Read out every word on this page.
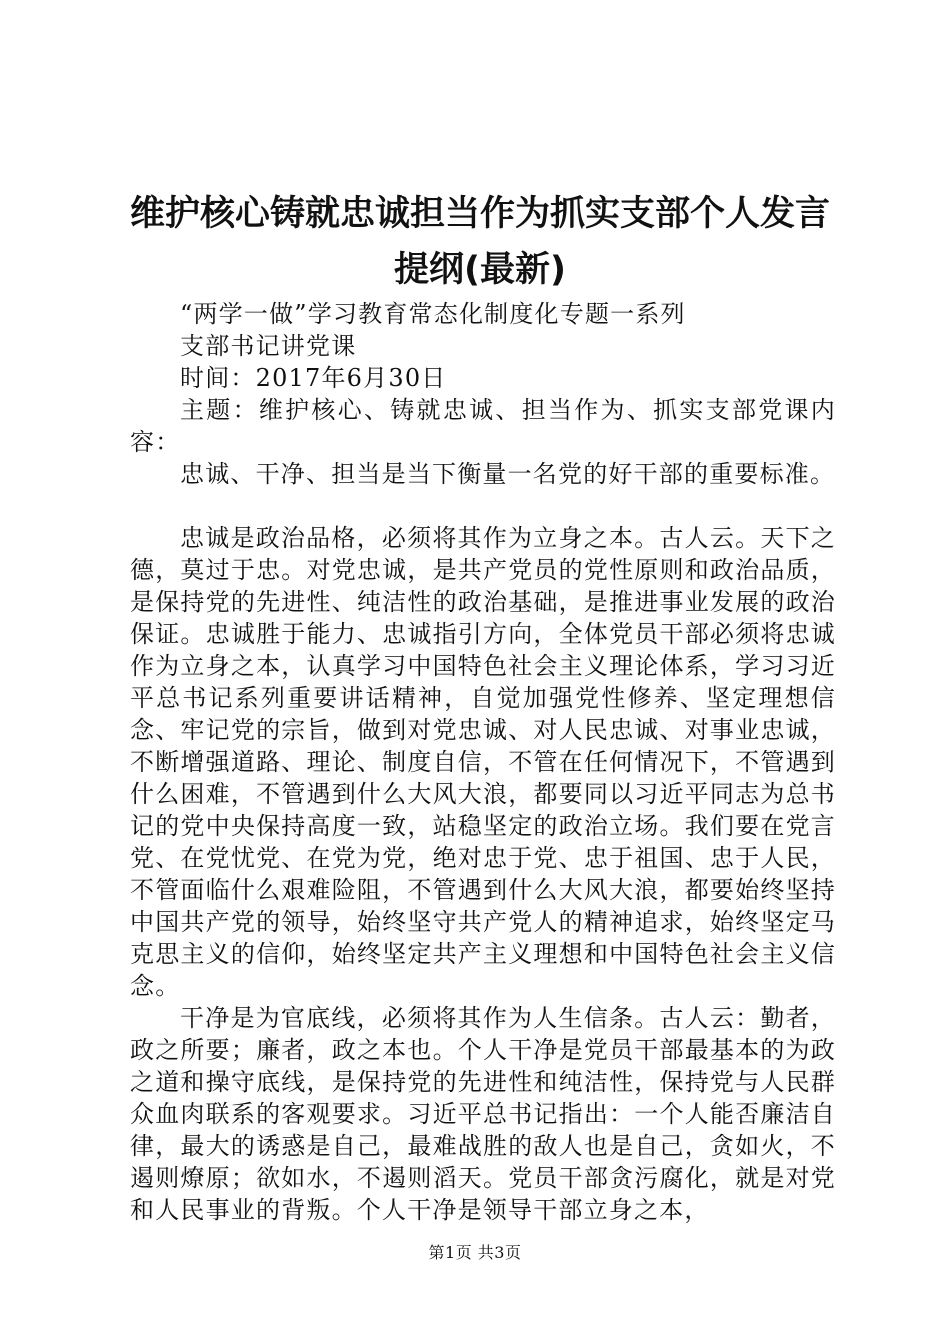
维护核心铸就忠诚担当作为抓实支部个人发言
提纲(最新)

“两学一做”学习教育常态化制度化专题一系列

支部书记讲党课

时间：2017年6月30日

主题：维护核心、铸就忠诚、担当作为、抓实支部党课内容：

忠诚、干净、担当是当下衡量一名党的好干部的重要标准。

忠诚是政治品格，必须将其作为立身之本。古人云。天下之德，莫过于忠。对党忠诚，是共产党员的党性原则和政治品质，是保持党的先进性、纯洁性的政治基础，是推进事业发展的政治保证。忠诚胜于能力、忠诚指引方向，全体党员干部必须将忠诚作为立身之本，认真学习中国特色社会主义理论体系，学习习近平总书记系列重要讲话精神，自觉加强党性修养、坚定理想信念、牢记党的宗旨，做到对党忠诚、对人民忠诚、对事业忠诚，不断增强道路、理论、制度自信，不管在任何情况下，不管遇到什么困难，不管遇到什么大风大浪，都要同以习近平同志为总书记的党中央保持高度一致，站稳坚定的政治立场。我们要在党言党、在党忧党、在党为党，绝对忠于党、忠于祖国、忠于人民，不管面临什么艰难险阻，不管遇到什么大风大浪，都要始终坚持中国共产党的领导，始终坚守共产党人的精神追求，始终坚定马克思主义的信仰，始终坚定共产主义理想和中国特色社会主义信念。

干净是为官底线，必须将其作为人生信条。古人云：勤者，政之所要；廉者，政之本也。个人干净是党员干部最基本的为政之道和操守底线，是保持党的先进性和纯洁性，保持党与人民群众血肉联系的客观要求。习近平总书记指出：一个人能否廉洁自律，最大的诱惑是自己，最难战胜的敌人也是自己，贪如火，不遏则燎原；欲如水，不遏则滔天。党员干部贪污腐化，就是对党和人民事业的背叛。个人干净是领导干部立身之本，

第1页 共3页
